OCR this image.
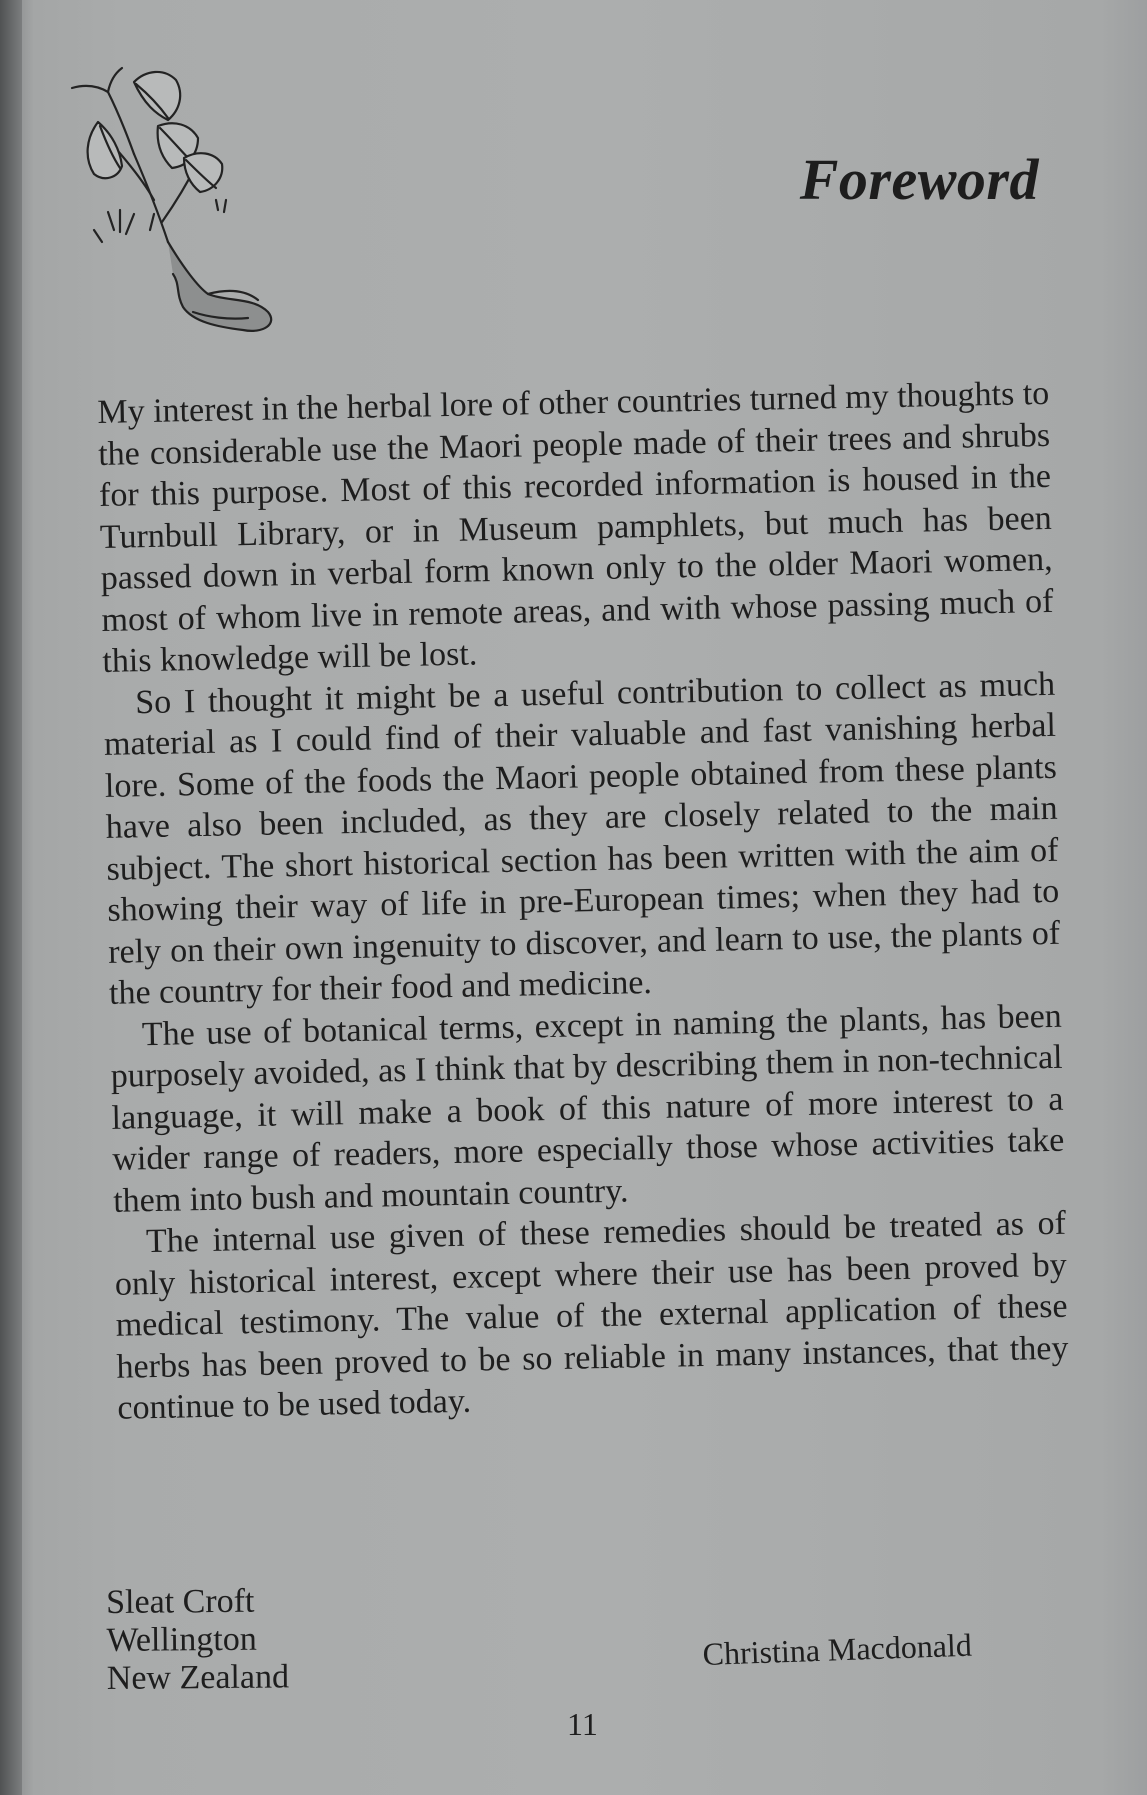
Foreword

My interest in the herbal lore of other countries turned my thoughts to the considerable use the Maori people made of their trees and shrubs for this purpose. Most of this recorded information is housed in the Turnbull Library, or in Museum pamphlets, but much has been passed down in verbal form known only to the older Maori women, most of whom live in remote areas, and with whose passing much of this knowledge will be lost.

So I thought it might be a useful contribution to collect as much material as I could find of their valuable and fast vanishing herbal lore. Some of the foods the Maori people obtained from these plants have also been included, as they are closely related to the main subject. The short historical section has been written with the aim of showing their way of life in pre-European times; when they had to rely on their own ingenuity to discover, and learn to use, the plants of the country for their food and medicine.

The use of botanical terms, except in naming the plants, has been purposely avoided, as I think that by describing them in non-technical language, it will make a book of this nature of more interest to a wider range of readers, more especially those whose activities take them into bush and mountain country.

The internal use given of these remedies should be treated as of only historical interest, except where their use has been proved by medical testimony. The value of the external application of these herbs has been proved to be so reliable in many instances, that they continue to be used today.

Sleat Croft
Wellington
New Zealand
Christina Macdonald
11
